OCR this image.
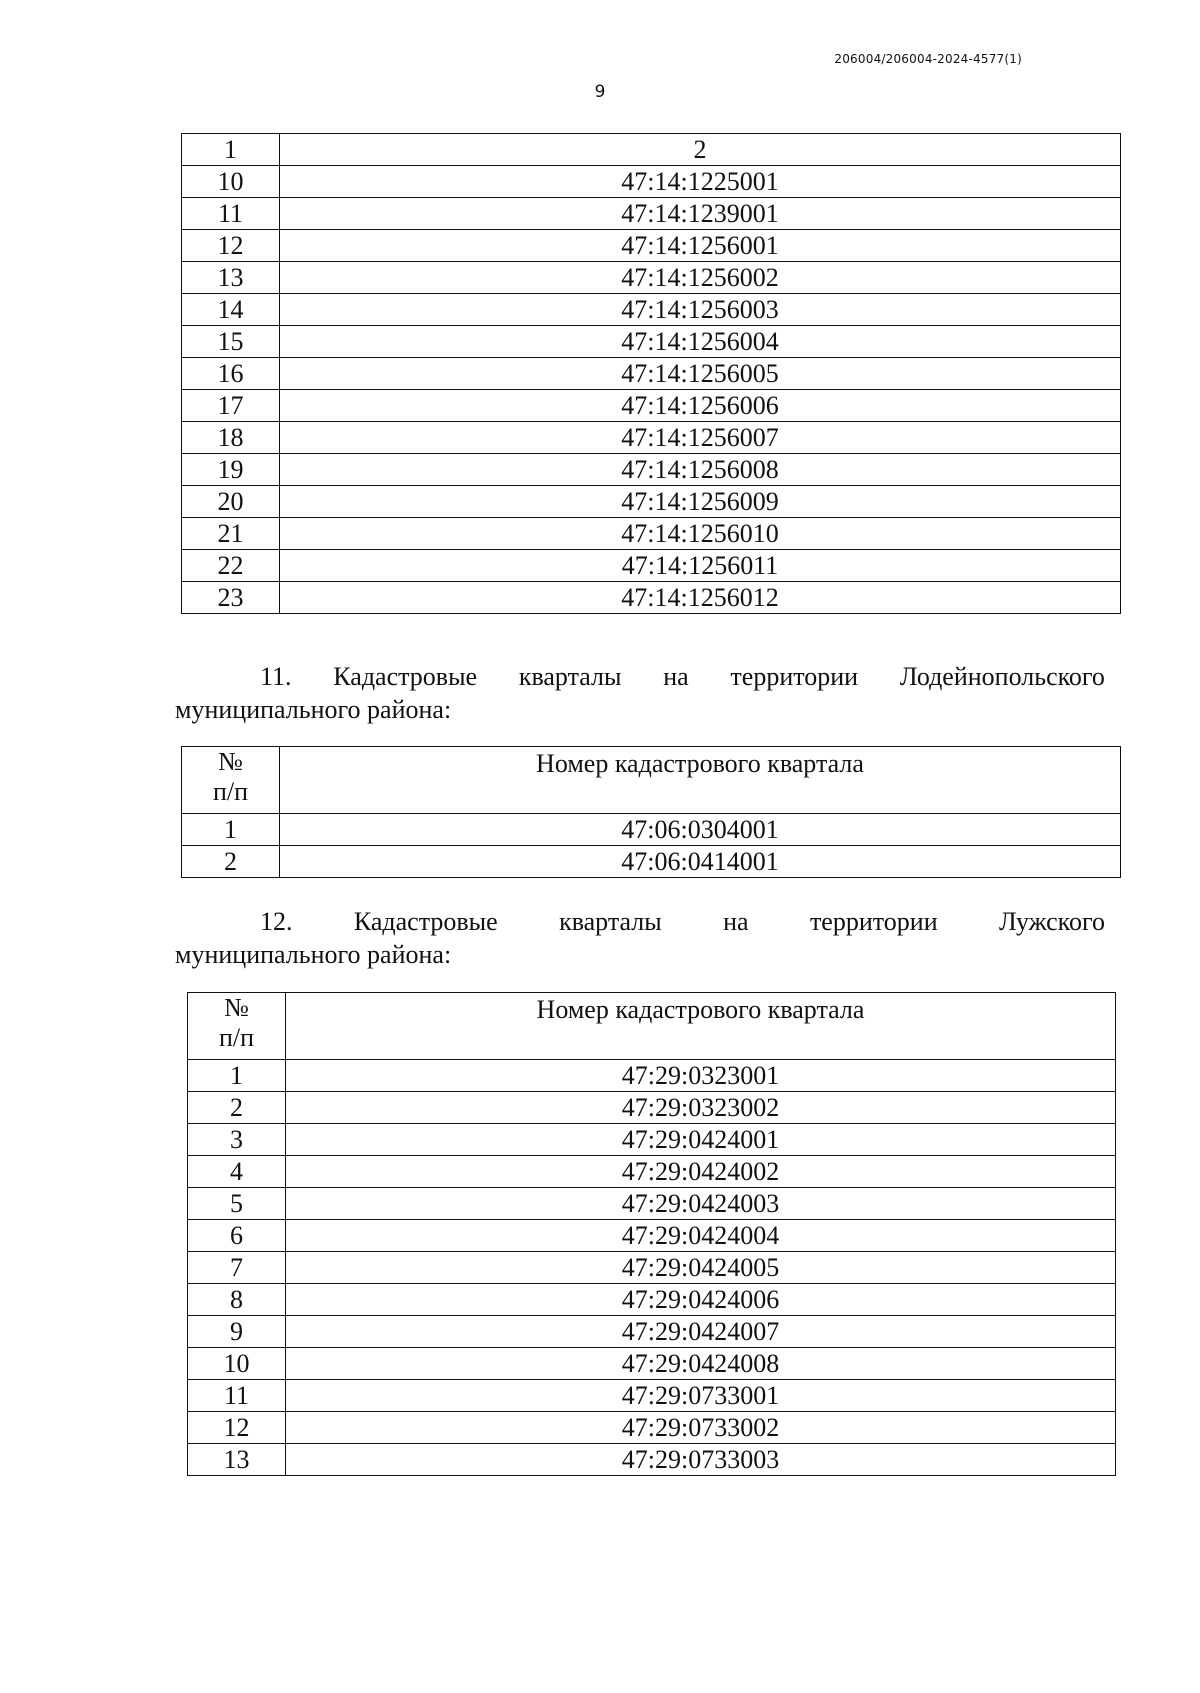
206004/206004-2024-4577(1)
9
1	2
10	47:14:1225001
11	47:14:1239001
12	47:14:1256001
13	47:14:1256002
14	47:14:1256003
15	47:14:1256004
16	47:14:1256005
17	47:14:1256006
18	47:14:1256007
19	47:14:1256008
20	47:14:1256009
21	47:14:1256010
22	47:14:1256011
23	47:14:1256012
11. Кадастровые кварталы на территории Лодейнопольского
муниципального района:
№
п/п	Номер кадастрового квартала
1	47:06:0304001
2	47:06:0414001
12. Кадастровые кварталы на территории Лужского
муниципального района:
№
п/п	Номер кадастрового квартала
1	47:29:0323001
2	47:29:0323002
3	47:29:0424001
4	47:29:0424002
5	47:29:0424003
6	47:29:0424004
7	47:29:0424005
8	47:29:0424006
9	47:29:0424007
10	47:29:0424008
11	47:29:0733001
12	47:29:0733002
13	47:29:0733003
